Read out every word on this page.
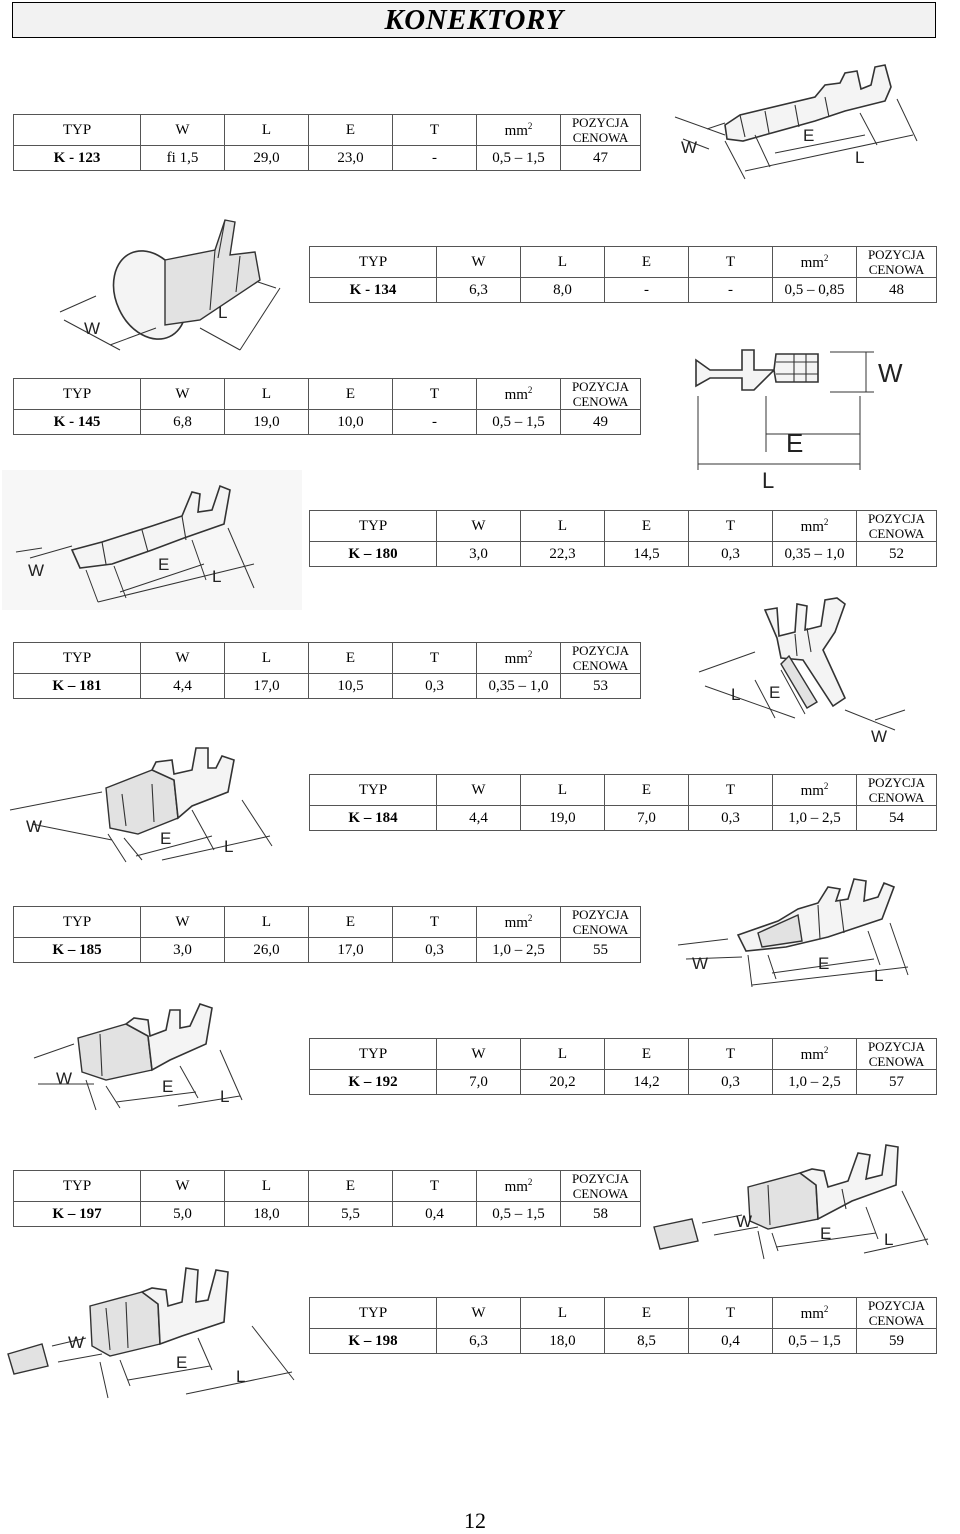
KONEKTORY
TYP	W	L	E	T	$mm^2$	POZYCJA
CENOWA
K - 123	fi 1,5	29,0	23,0	-	0,5 – 1,5	47
TYP	W	L	E	T	$mm^2$	POZYCJA
CENOWA
K - 134	6,3	8,0	-	-	0,5 – 0,85	48
TYP	W	L	E	T	$mm^2$	POZYCJA
CENOWA
K - 145	6,8	19,0	10,0	-	0,5 – 1,5	49
TYP	W	L	E	T	$mm^2$	POZYCJA
CENOWA
K – 180	3,0	22,3	14,5	0,3	0,35 – 1,0	52
TYP	W	L	E	T	$mm^2$	POZYCJA
CENOWA
K – 181	4,4	17,0	10,5	0,3	0,35 – 1,0	53
TYP	W	L	E	T	$mm^2$	POZYCJA
CENOWA
K – 184	4,4	19,0	7,0	0,3	1,0 – 2,5	54
TYP	W	L	E	T	$mm^2$	POZYCJA
CENOWA
K – 185	3,0	26,0	17,0	0,3	1,0 – 2,5	55
TYP	W	L	E	T	$mm^2$	POZYCJA
CENOWA
K – 192	7,0	20,2	14,2	0,3	1,0 – 2,5	57
TYP	W	L	E	T	$mm^2$	POZYCJA
CENOWA
K – 197	5,0	18,0	5,5	0,4	0,5 – 1,5	58
TYP	W	L	E	T	$mm^2$	POZYCJA
CENOWA
K – 198	6,3	18,0	8,5	0,4	0,5 – 1,5	59
W
E
L
W
L
W
E
L
W	E
L
L E
W
W
E	L
W	E
L
W	E
L
W
E	L
W
E
L
12
